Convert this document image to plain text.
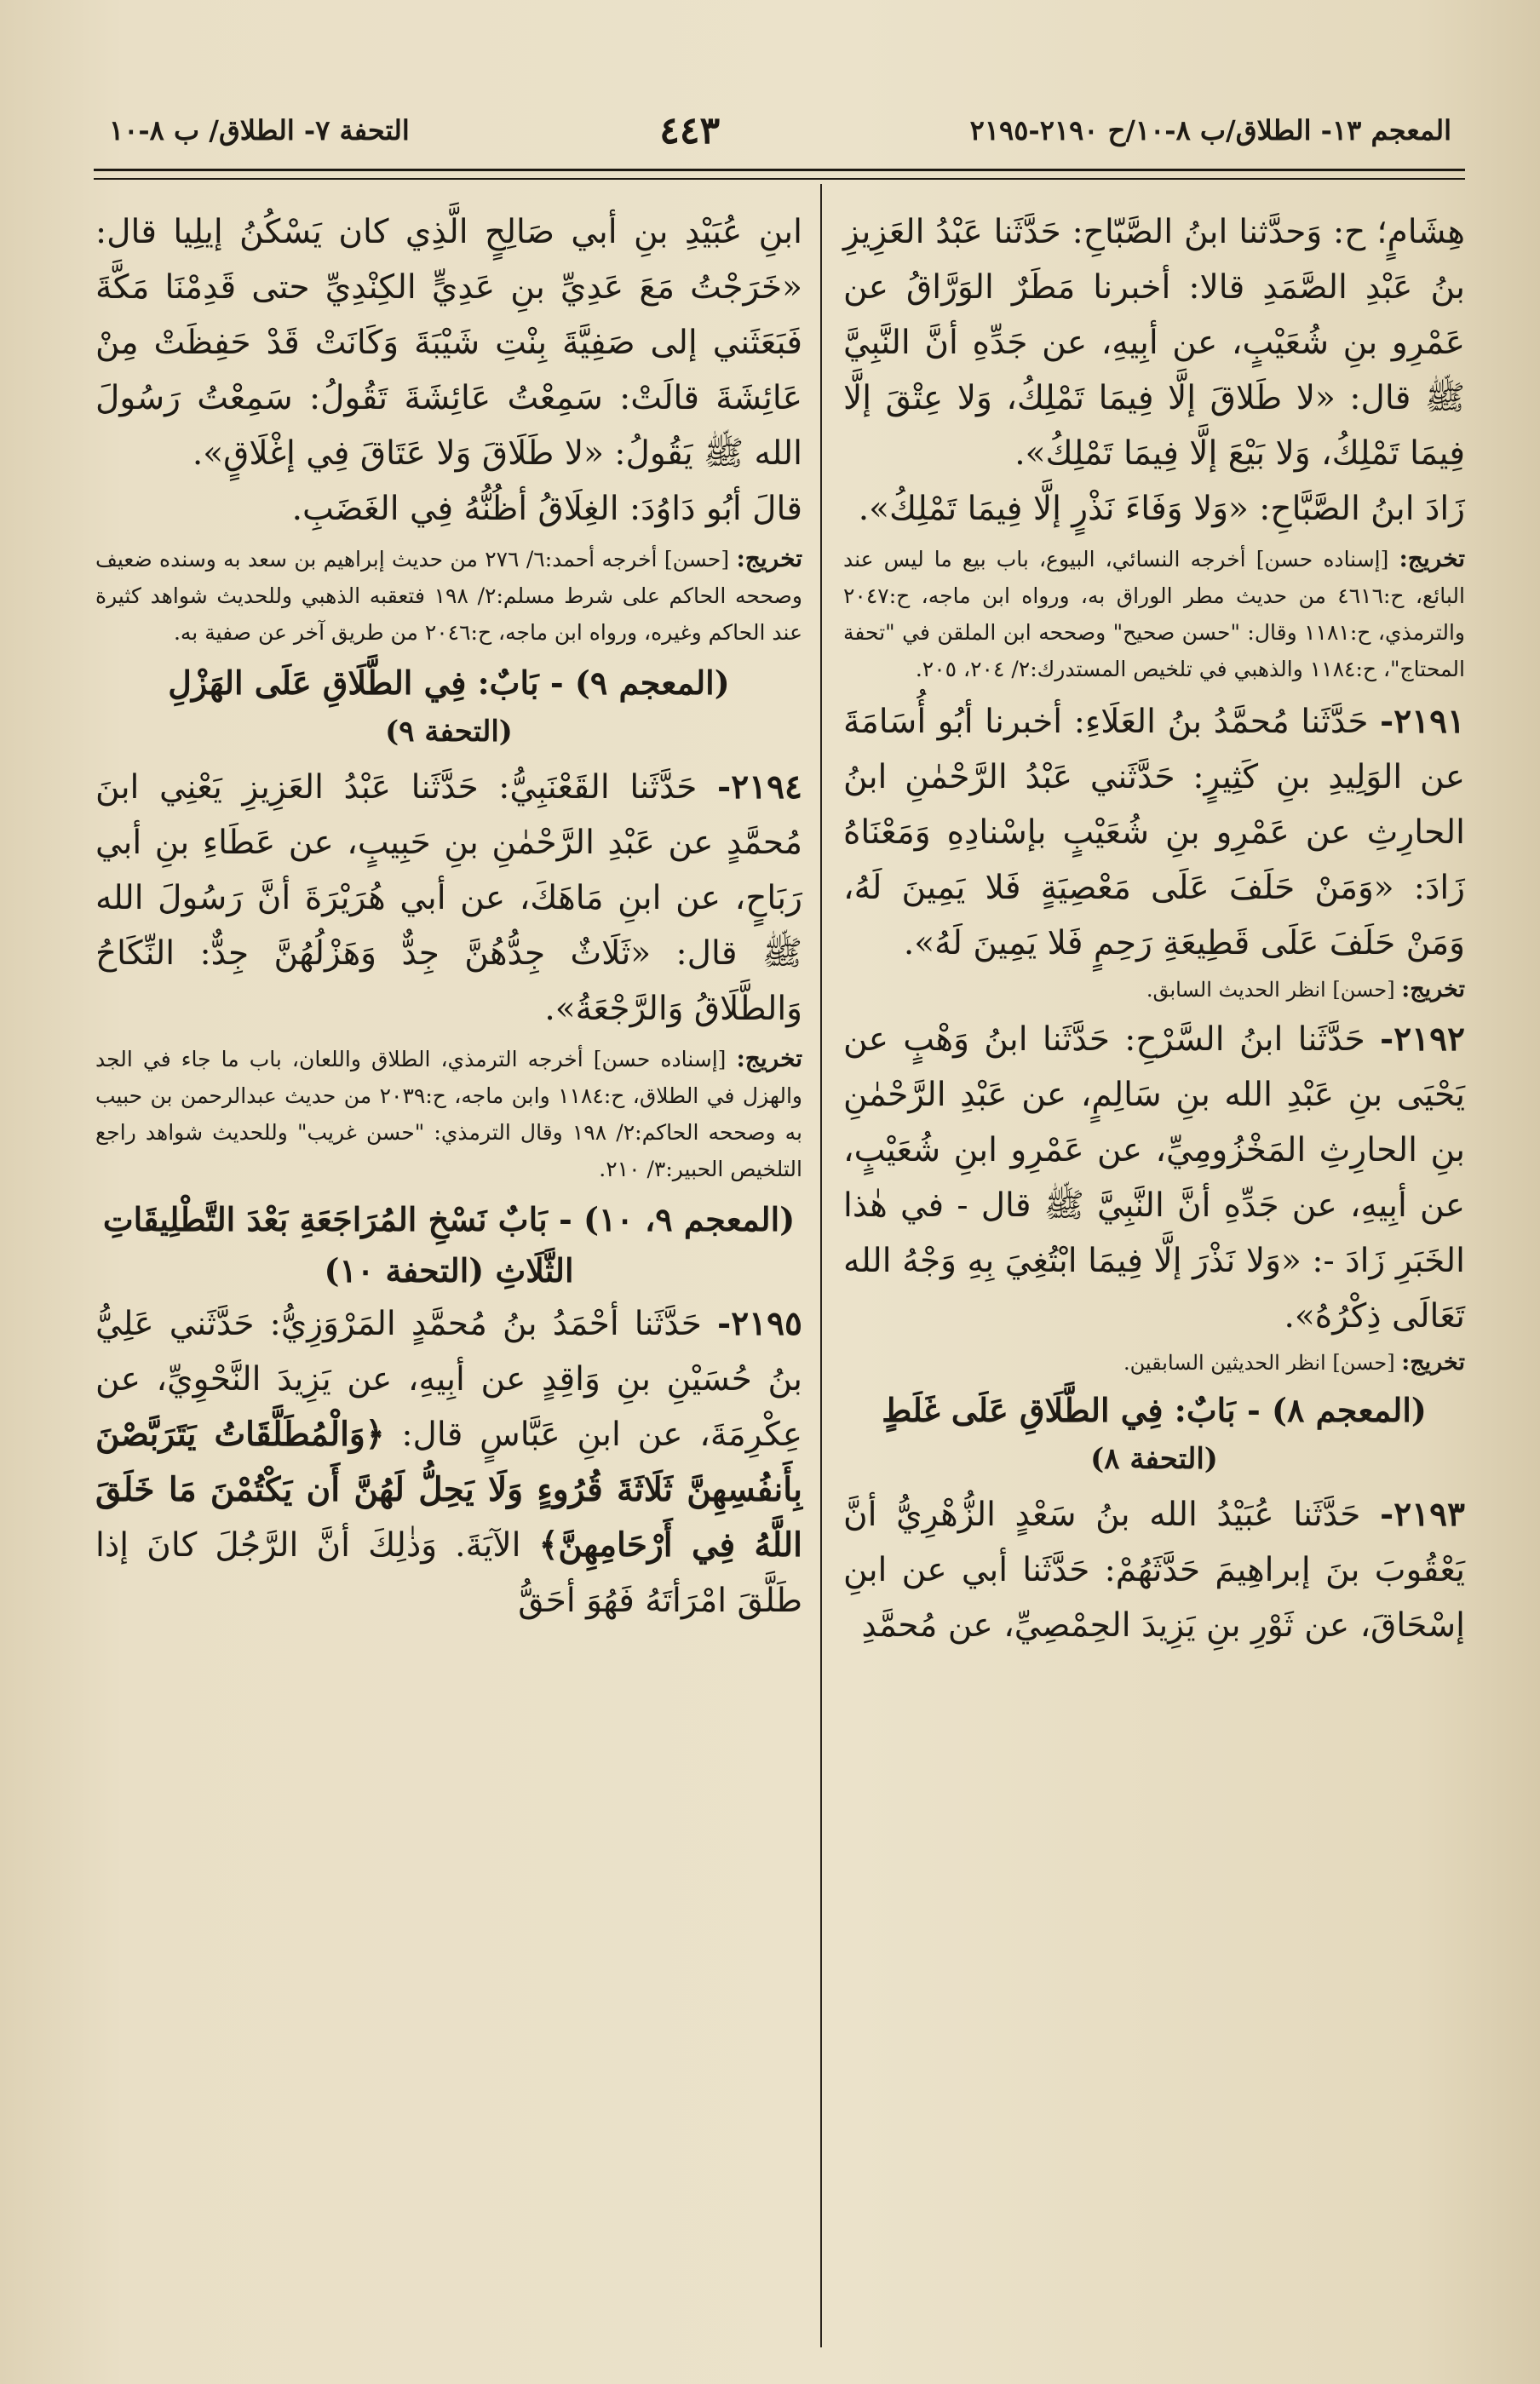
المعجم ١٣- الطلاق/ب ٨-١٠/ح ٢١٩٠-٢١٩٥
٤٤٣
التحفة ٧- الطلاق/ ب ٨-١٠

هِشَامٍ؛ ح: وَحدَّثنا ابنُ الصَّبّاحِ: حَدَّثَنا عَبْدُ العَزِيزِ بنُ عَبْدِ الصَّمَدِ قالا: أخبرنا مَطَرٌ الوَرَّاقُ عن عَمْرِو بنِ شُعَيْبٍ، عن أبِيهِ، عن جَدِّهِ أنَّ النَّبِيَّ ﷺ قال: «لا طَلاقَ إلَّا فِيمَا تَمْلِكُ، وَلا عِتْقَ إلَّا فِيمَا تَمْلِكُ، وَلا بَيْعَ إلَّا فِيمَا تَمْلِكُ».

زَادَ ابنُ الصَّبَّاحِ: «وَلا وَفَاءَ نَذْرٍ إلَّا فِيمَا تَمْلِكُ».

تخريج: [إسناده حسن] أخرجه النسائي، البيوع، باب بيع ما ليس عند البائع، ح:٤٦١٦ من حديث مطر الوراق به، ورواه ابن ماجه، ح:٢٠٤٧ والترمذي، ح:١١٨١ وقال: "حسن صحيح" وصححه ابن الملقن في "تحفة المحتاج"، ح:١١٨٤ والذهبي في تلخيص المستدرك:٢/ ٢٠٤، ٢٠٥.

٢١٩١- حَدَّثَنا مُحمَّدُ بنُ العَلَاءِ: أخبرنا أبُو أُسَامَةَ عن الوَلِيدِ بنِ كَثِيرٍ: حَدَّثَني عَبْدُ الرَّحْمٰنِ ابنُ الحارِثِ عن عَمْرِو بنِ شُعَيْبٍ بإسْنادِهِ وَمَعْنَاهُ زَادَ: «وَمَنْ حَلَفَ عَلَى مَعْصِيَةٍ فَلا يَمِينَ لَهُ، وَمَنْ حَلَفَ عَلَى قَطِيعَةِ رَحِمٍ فَلا يَمِينَ لَهُ».

تخريج: [حسن] انظر الحديث السابق.

٢١٩٢- حَدَّثَنا ابنُ السَّرْحِ: حَدَّثَنا ابنُ وَهْبٍ عن يَحْيَى بنِ عَبْدِ الله بنِ سَالِمٍ، عن عَبْدِ الرَّحْمٰنِ بنِ الحارِثِ المَخْزُومِيِّ، عن عَمْرِو ابنِ شُعَيْبٍ، عن أبِيهِ، عن جَدِّهِ أنَّ النَّبِيَّ ﷺ قال - في هٰذا الخَبَرِ زَادَ -: «وَلا نَذْرَ إلَّا فِيمَا ابْتُغِيَ بِهِ وَجْهُ الله تَعَالَى ذِكْرُهُ».

تخريج: [حسن] انظر الحديثين السابقين.

(المعجم ٨) - بَابٌ: فِي الطَّلَاقِ عَلَى غَلَطٍ

(التحفة ٨)

٢١٩٣- حَدَّثَنا عُبَيْدُ الله بنُ سَعْدٍ الزُّهْرِيُّ أنَّ يَعْقُوبَ بنَ إبراهِيمَ حَدَّثَهُمْ: حَدَّثَنا أبي عن ابنِ إسْحَاقَ، عن ثَوْرِ بنِ يَزِيدَ الحِمْصِيِّ، عن مُحمَّدِ

ابنِ عُبَيْدِ بنِ أبي صَالِحٍ الَّذِي كان يَسْكُنُ إيلِيا قال: «خَرَجْتُ مَعَ عَدِيِّ بنِ عَدِيٍّ الكِنْدِيِّ حتى قَدِمْنَا مَكَّةَ فَبَعَثَني إلى صَفِيَّةَ بِنْتِ شَيْبَةَ وَكَانَتْ قَدْ حَفِظَتْ مِنْ عَائِشَةَ قالَتْ: سَمِعْتُ عَائِشَةَ تَقُولُ: سَمِعْتُ رَسُولَ الله ﷺ يَقُولُ: «لا طَلَاقَ وَلا عَتَاقَ فِي إغْلَاقٍ».

قالَ أبُو دَاوُدَ: الغِلَاقُ أظُنُّهُ فِي الغَضَبِ.

تخريج: [حسن] أخرجه أحمد:٦/ ٢٧٦ من حديث إبراهيم بن سعد به وسنده ضعيف وصححه الحاكم على شرط مسلم:٢/ ١٩٨ فتعقبه الذهبي وللحديث شواهد كثيرة عند الحاكم وغيره، ورواه ابن ماجه، ح:٢٠٤٦ من طريق آخر عن صفية به.

(المعجم ٩) - بَابٌ: فِي الطَّلَاقِ عَلَى الهَزْلِ

(التحفة ٩)

٢١٩٤- حَدَّثَنا القَعْنَبِيُّ: حَدَّثَنا عَبْدُ العَزِيزِ يَعْنِي ابنَ مُحمَّدٍ عن عَبْدِ الرَّحْمٰنِ بنِ حَبِيبٍ، عن عَطَاءِ بنِ أبي رَبَاحٍ، عن ابنِ مَاهَكَ، عن أبي هُرَيْرَةَ أنَّ رَسُولَ الله ﷺ قال: «ثَلَاثٌ جِدُّهُنَّ جِدٌّ وَهَزْلُهُنَّ جِدٌّ: النِّكَاحُ وَالطَّلَاقُ وَالرَّجْعَةُ».

تخريج: [إسناده حسن] أخرجه الترمذي، الطلاق واللعان، باب ما جاء في الجد والهزل في الطلاق، ح:١١٨٤ وابن ماجه، ح:٢٠٣٩ من حديث عبدالرحمن بن حبيب به وصححه الحاكم:٢/ ١٩٨ وقال الترمذي: "حسن غريب" وللحديث شواهد راجع التلخيص الحبير:٣/ ٢١٠.

(المعجم ٩، ١٠) - بَابٌ نَسْخِ المُرَاجَعَةِ بَعْدَ التَّطْلِيقَاتِ الثَّلَاثِ (التحفة ١٠)

٢١٩٥- حَدَّثَنا أحْمَدُ بنُ مُحمَّدٍ المَرْوَزِيُّ: حَدَّثَني عَلِيُّ بنُ حُسَيْنِ بنِ وَاقِدٍ عن أبِيهِ، عن يَزِيدَ النَّحْوِيِّ، عن عِكْرِمَةَ، عن ابنِ عَبَّاسٍ قال: ﴿وَالْمُطَلَّقَاتُ يَتَرَبَّصْنَ بِأَنفُسِهِنَّ ثَلَاثَةَ قُرُوءٍ وَلَا يَحِلُّ لَهُنَّ أَن يَكْتُمْنَ مَا خَلَقَ اللَّهُ فِي أَرْحَامِهِنَّ﴾ الآيَةَ. وَذٰلِكَ أنَّ الرَّجُلَ كانَ إذا طَلَّقَ امْرَأتَهُ فَهُوَ أحَقُّ
